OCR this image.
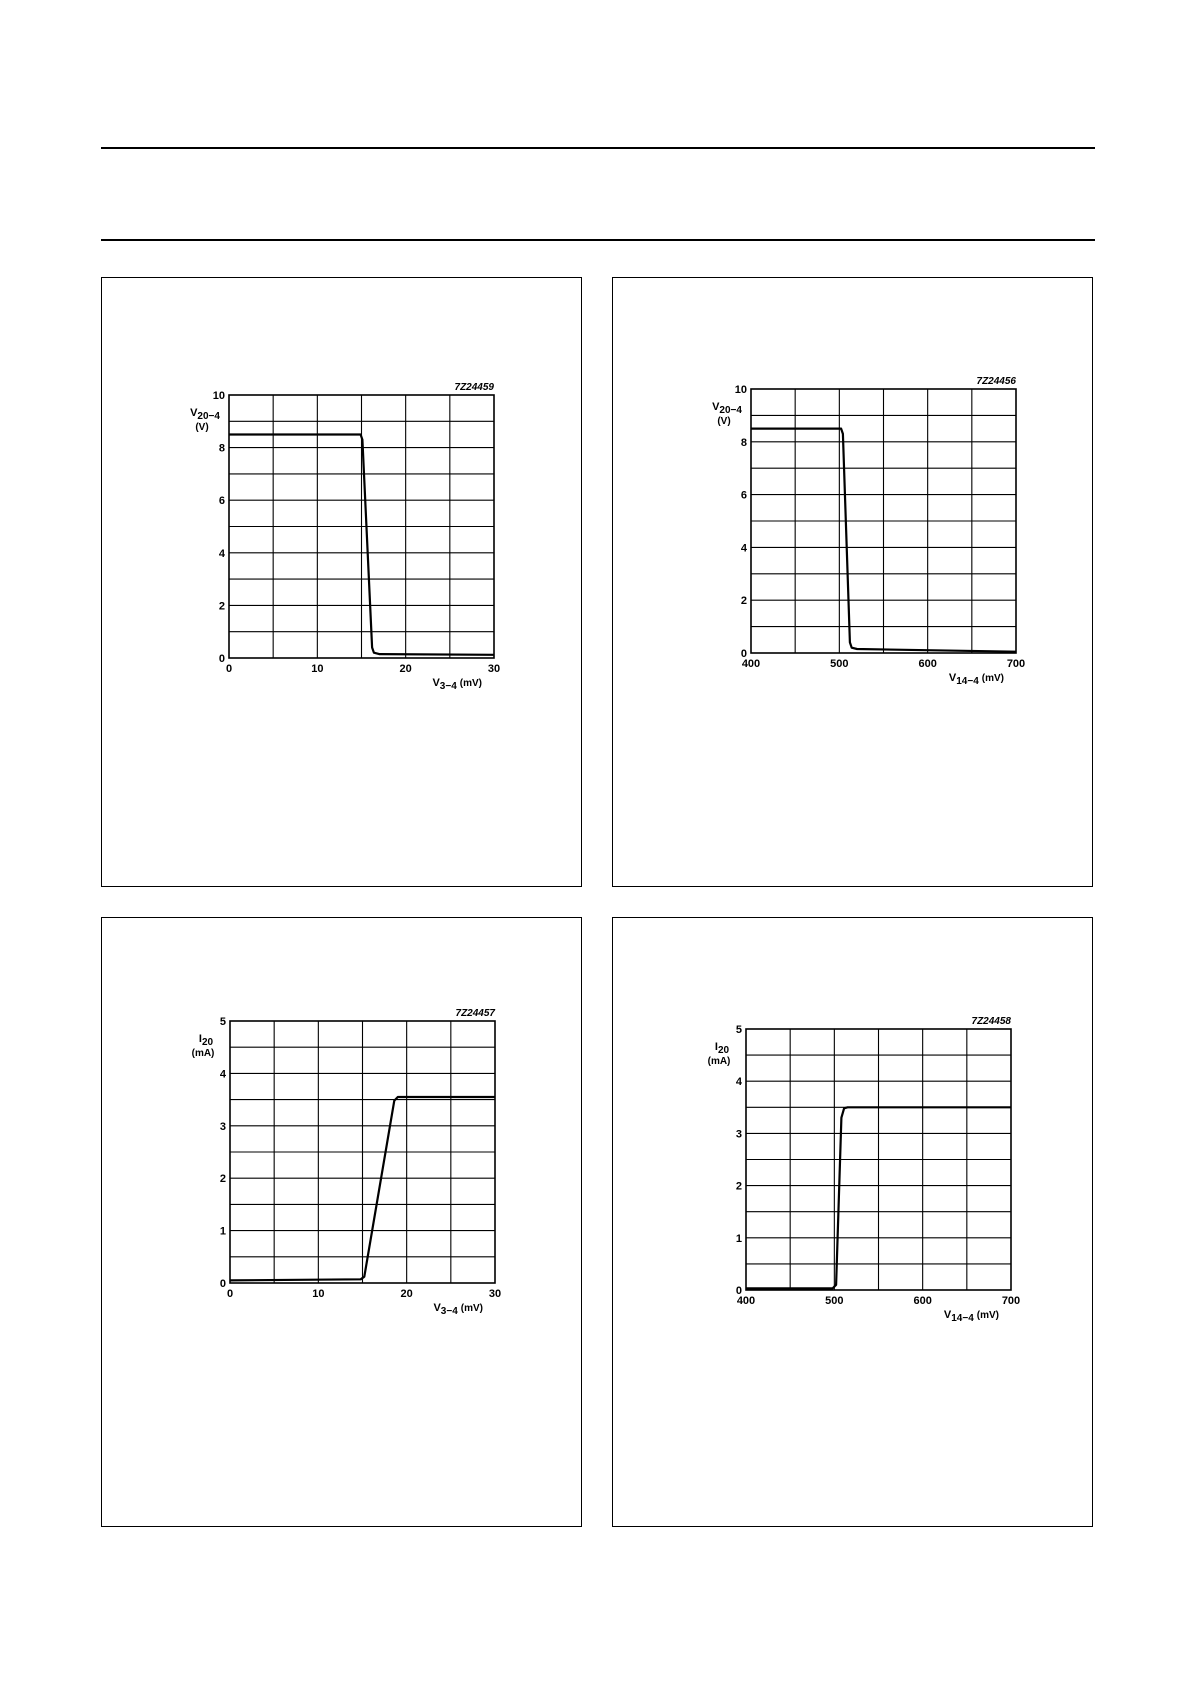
0	10	20	30
0
2
4
6
8
10
7Z24459
V20−4
(V)
V3−4 (mV)
400	500	600	700
0
2
4
6
8
10
7Z24456
V20−4
(V)
V14−4 (mV)
0	10	20	30
0
1
2
3
4
5
7Z24457
I20
(mA)
V3−4 (mV)
400	500	600	700
0
1
2
3
4
5
7Z24458
I20
(mA)
V14−4 (mV)
